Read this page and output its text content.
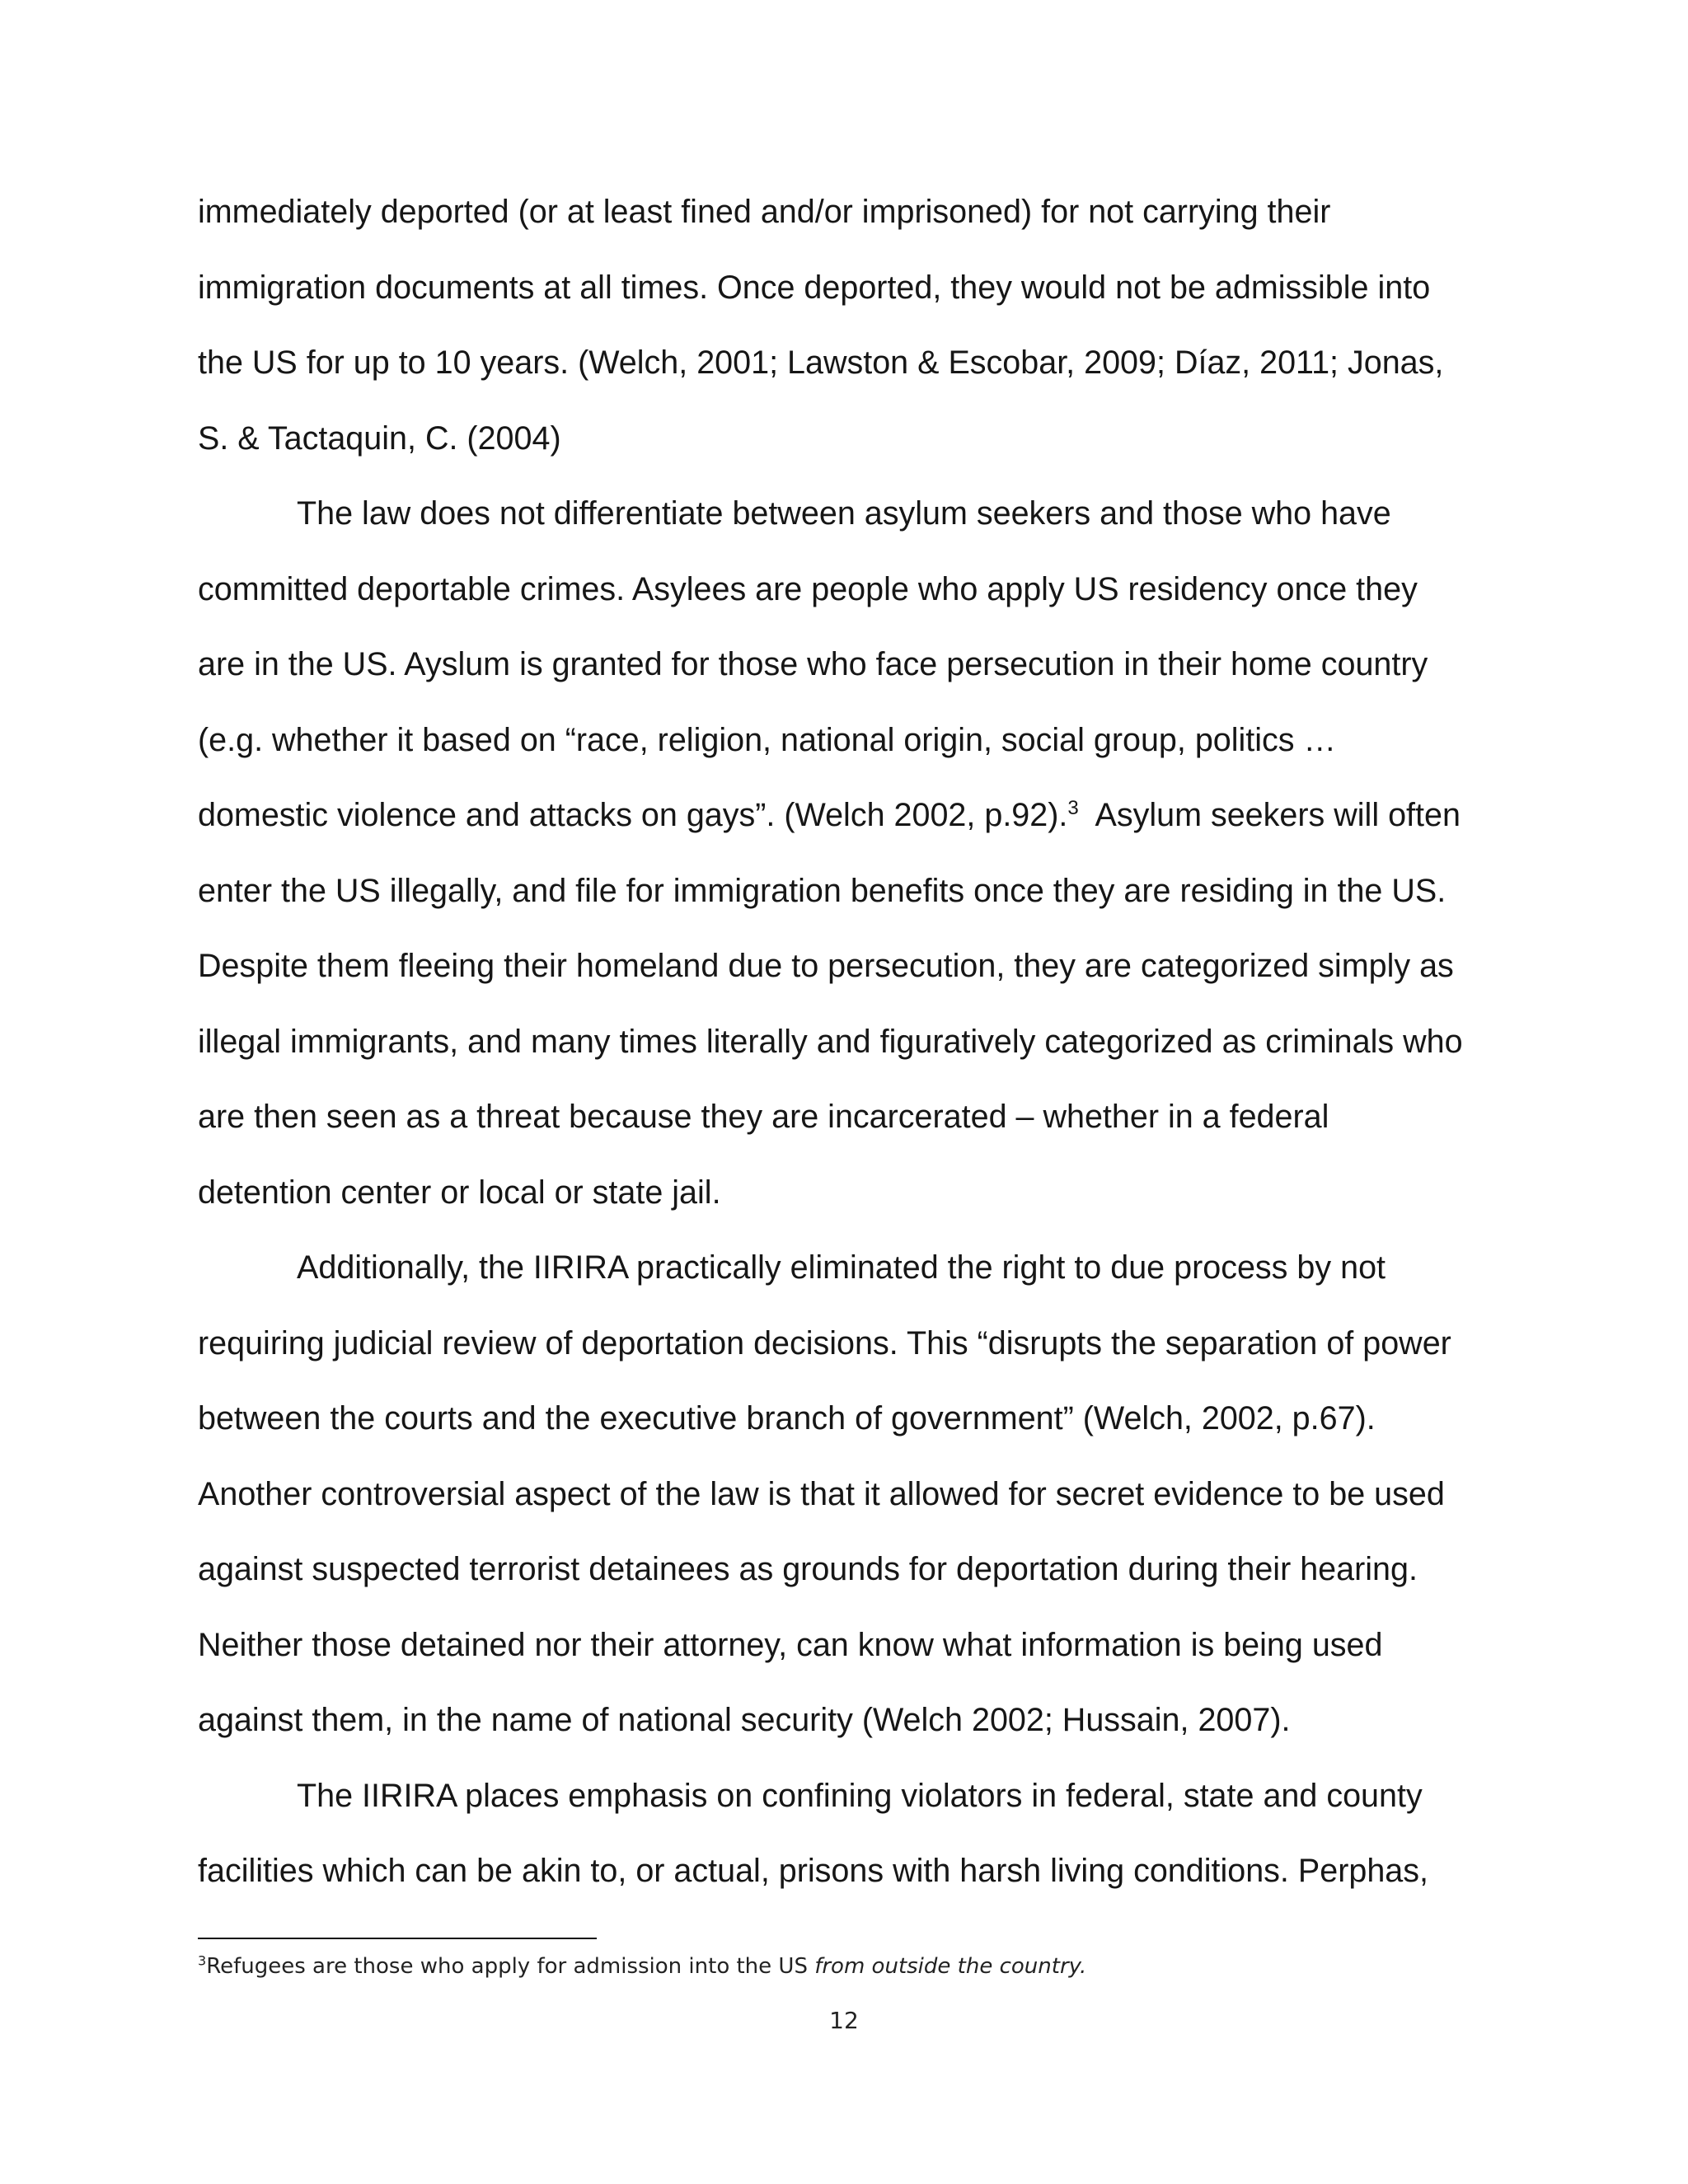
immediately deported (or at least fined and/or imprisoned) for not carrying their
immigration documents at all times. Once deported, they would not be admissible into
the US for up to 10 years. (Welch, 2001; Lawston & Escobar, 2009; Díaz, 2011; Jonas,
S. & Tactaquin, C. (2004)
The law does not differentiate between asylum seekers and those who have
committed deportable crimes. Asylees are people who apply US residency once they
are in the US. Ayslum is granted for those who face persecution in their home country
(e.g. whether it based on “race, religion, national origin, social group, politics …
domestic violence and attacks on gays”. (Welch 2002, p.92).$^3$  Asylum seekers will often
enter the US illegally, and file for immigration benefits once they are residing in the US.
Despite them fleeing their homeland due to persecution, they are categorized simply as
illegal immigrants, and many times literally and figuratively categorized as criminals who
are then seen as a threat because they are incarcerated – whether in a federal
detention center or local or state jail.
Additionally, the IIRIRA practically eliminated the right to due process by not
requiring judicial review of deportation decisions. This “disrupts the separation of power
between the courts and the executive branch of government” (Welch, 2002, p.67).
Another controversial aspect of the law is that it allowed for secret evidence to be used
against suspected terrorist detainees as grounds for deportation during their hearing.
Neither those detained nor their attorney, can know what information is being used
against them, in the name of national security (Welch 2002; Hussain, 2007).
The IIRIRA places emphasis on confining violators in federal, state and county
facilities which can be akin to, or actual, prisons with harsh living conditions. Perphas,
$^3$Refugees are those who apply for admission into the US from outside the country.
12
